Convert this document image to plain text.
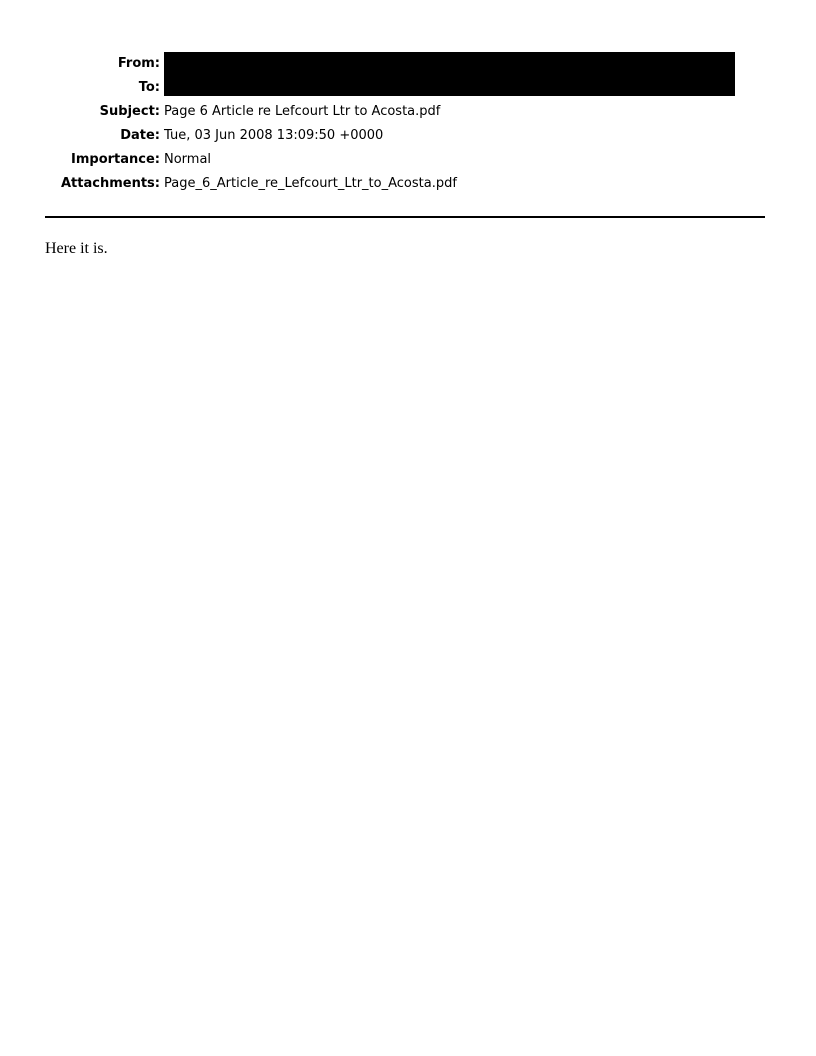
From:
To:
Subject: Page 6 Article re Lefcourt Ltr to Acosta.pdf
Date: Tue, 03 Jun 2008 13:09:50 +0000
Importance: Normal
Attachments: Page_6_Article_re_Lefcourt_Ltr_to_Acosta.pdf
Here it is.
